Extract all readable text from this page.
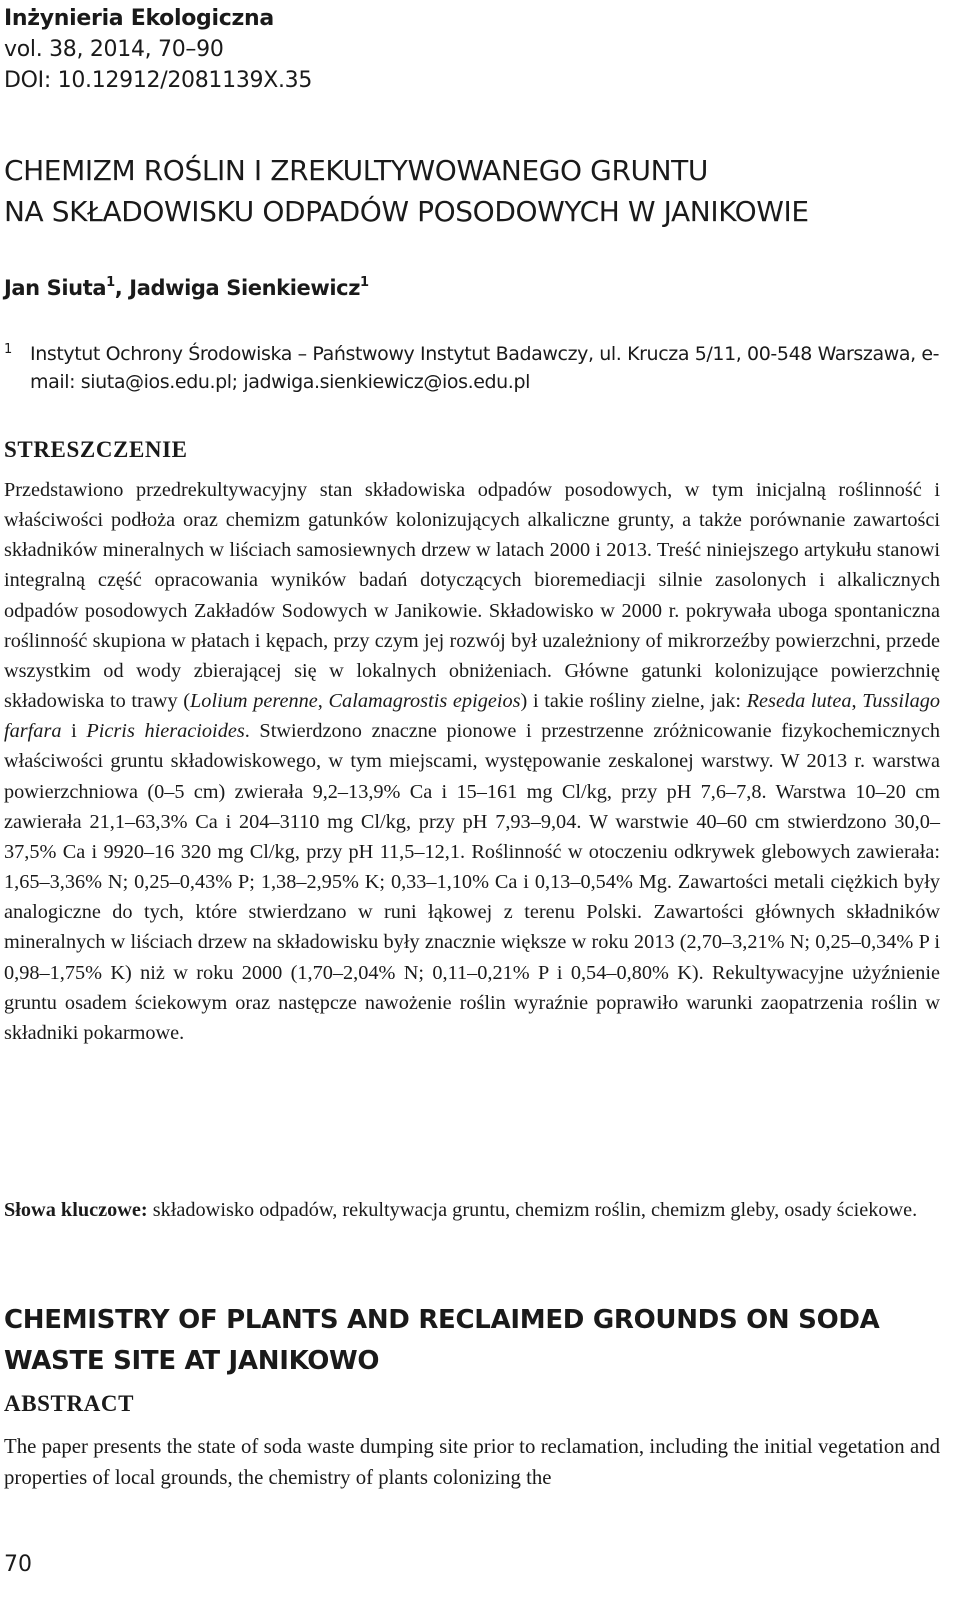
Inżynieria Ekologiczna
vol. 38, 2014, 70–90
DOI: 10.12912/2081139X.35
CHEMIZM ROŚLIN I ZREKULTYWOWANEGO GRUNTU
NA SKŁADOWISKU ODPADÓW POSODOWYCH W JANIKOWIE
Jan Siuta$^1$, Jadwiga Sienkiewicz$^1$
1 Instytut Ochrony Środowiska – Państwowy Instytut Badawczy, ul. Krucza 5/11, 00-548 Warszawa, e-mail: siuta@ios.edu.pl; jadwiga.sienkiewicz@ios.edu.pl
STRESZCZENIE

Przedstawiono przedrekultywacyjny stan składowiska odpadów posodowych, w tym inicjalną roślinność i właściwości podłoża oraz chemizm gatunków kolonizujących alkaliczne grunty, a także porównanie zawartości składników mineralnych w liściach samosiewnych drzew w latach 2000 i 2013. Treść niniejszego artykułu stanowi integralną część opracowania wyników badań dotyczących bioremediacji silnie zasolonych i alkalicznych odpadów posodowych Zakładów Sodowych w Janikowie. Składowisko w 2000 r. pokrywała uboga spontaniczna roślinność skupiona w płatach i kępach, przy czym jej rozwój był uzależniony of mikrorzeźby powierzchni, przede wszystkim od wody zbierającej się w lokalnych obniżeniach. Główne gatunki kolonizujące powierzchnię składowiska to trawy (Lolium perenne, Calamagrostis epigeios) i takie rośliny zielne, jak: Reseda lutea, Tussilago farfara i Picris hieracioides. Stwierdzono znaczne pionowe i przestrzenne zróżnicowanie fizykochemicznych właściwości gruntu składowiskowego, w tym miejscami, występowanie zeskalonej warstwy. W 2013 r. warstwa powierzchniowa (0–5 cm) zwierała 9,2–13,9% Ca i 15–161 mg Cl/kg, przy pH 7,6–7,8. Warstwa 10–20 cm zawierała 21,1–63,3% Ca i 204–3110 mg Cl/kg, przy pH 7,93–9,04. W warstwie 40–60 cm stwierdzono 30,0–37,5% Ca i 9920–16 320 mg Cl/kg, przy pH 11,5–12,1. Roślinność w otoczeniu odkrywek glebowych zawierała: 1,65–3,36% N; 0,25–0,43% P; 1,38–2,95% K; 0,33–1,10% Ca i 0,13–0,54% Mg. Zawartości metali ciężkich były analogiczne do tych, które stwierdzano w runi łąkowej z terenu Polski. Zawartości głównych składników mineralnych w liściach drzew na składowisku były znacznie większe w roku 2013 (2,70–3,21% N; 0,25–0,34% P i 0,98–1,75% K) niż w roku 2000 (1,70–2,04% N; 0,11–0,21% P i 0,54–0,80% K). Rekultywacyjne użyźnienie gruntu osadem ściekowym oraz następcze nawożenie roślin wyraźnie poprawiło warunki zaopatrzenia roślin w składniki pokarmowe.

Słowa kluczowe: składowisko odpadów, rekultywacja gruntu, chemizm roślin, chemizm gleby, osady ściekowe.
CHEMISTRY OF PLANTS AND RECLAIMED GROUNDS ON SODA
WASTE SITE AT JANIKOWO
ABSTRACT

The paper presents the state of soda waste dumping site prior to reclamation, including the initial vegetation and properties of local grounds, the chemistry of plants colonizing the

70
